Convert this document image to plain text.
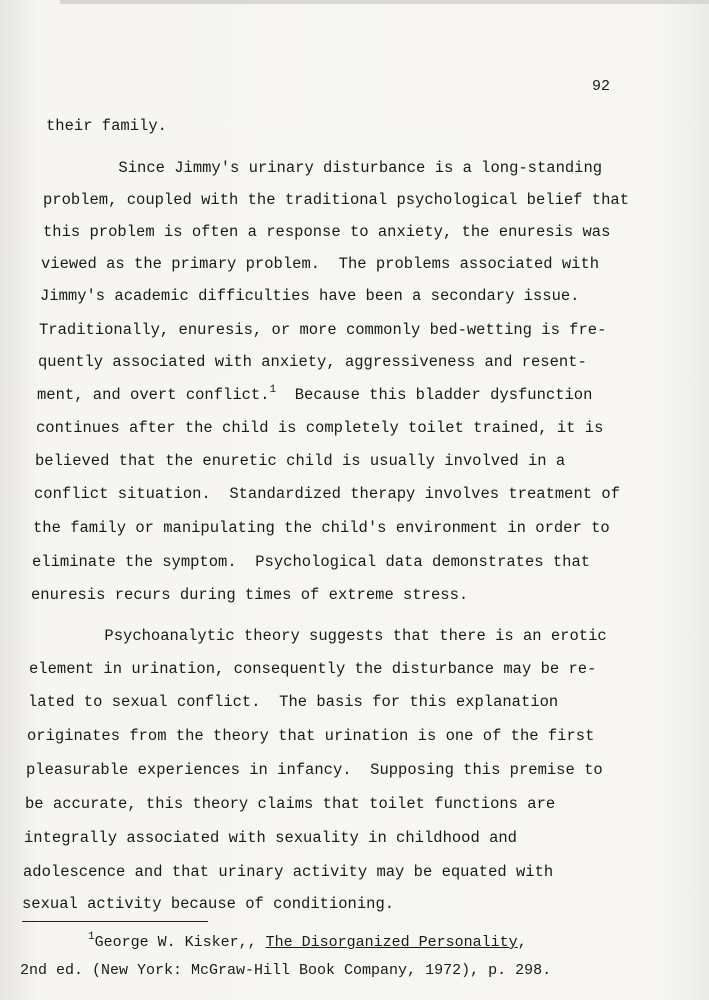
92
their family.
Since Jimmy's urinary disturbance is a long-standing
problem, coupled with the traditional psychological belief that
this problem is often a response to anxiety, the enuresis was
viewed as the primary problem.  The problems associated with
Jimmy's academic difficulties have been a secondary issue.
Traditionally, enuresis, or more commonly bed-wetting is fre-
quently associated with anxiety, aggressiveness and resent-
ment, and overt conflict.$^1$  Because this bladder dysfunction
continues after the child is completely toilet trained, it is
believed that the enuretic child is usually involved in a
conflict situation.  Standardized therapy involves treatment of
the family or manipulating the child's environment in order to
eliminate the symptom.  Psychological data demonstrates that
enuresis recurs during times of extreme stress.
Psychoanalytic theory suggests that there is an erotic
element in urination, consequently the disturbance may be re-
lated to sexual conflict.  The basis for this explanation
originates from the theory that urination is one of the first
pleasurable experiences in infancy.  Supposing this premise to
be accurate, this theory claims that toilet functions are
integrally associated with sexuality in childhood and
adolescence and that urinary activity may be equated with
sexual activity because of conditioning.
$^1$George W. Kisker,, The Disorganized Personality,
2nd ed. (New York: McGraw-Hill Book Company, 1972), p. 298.
